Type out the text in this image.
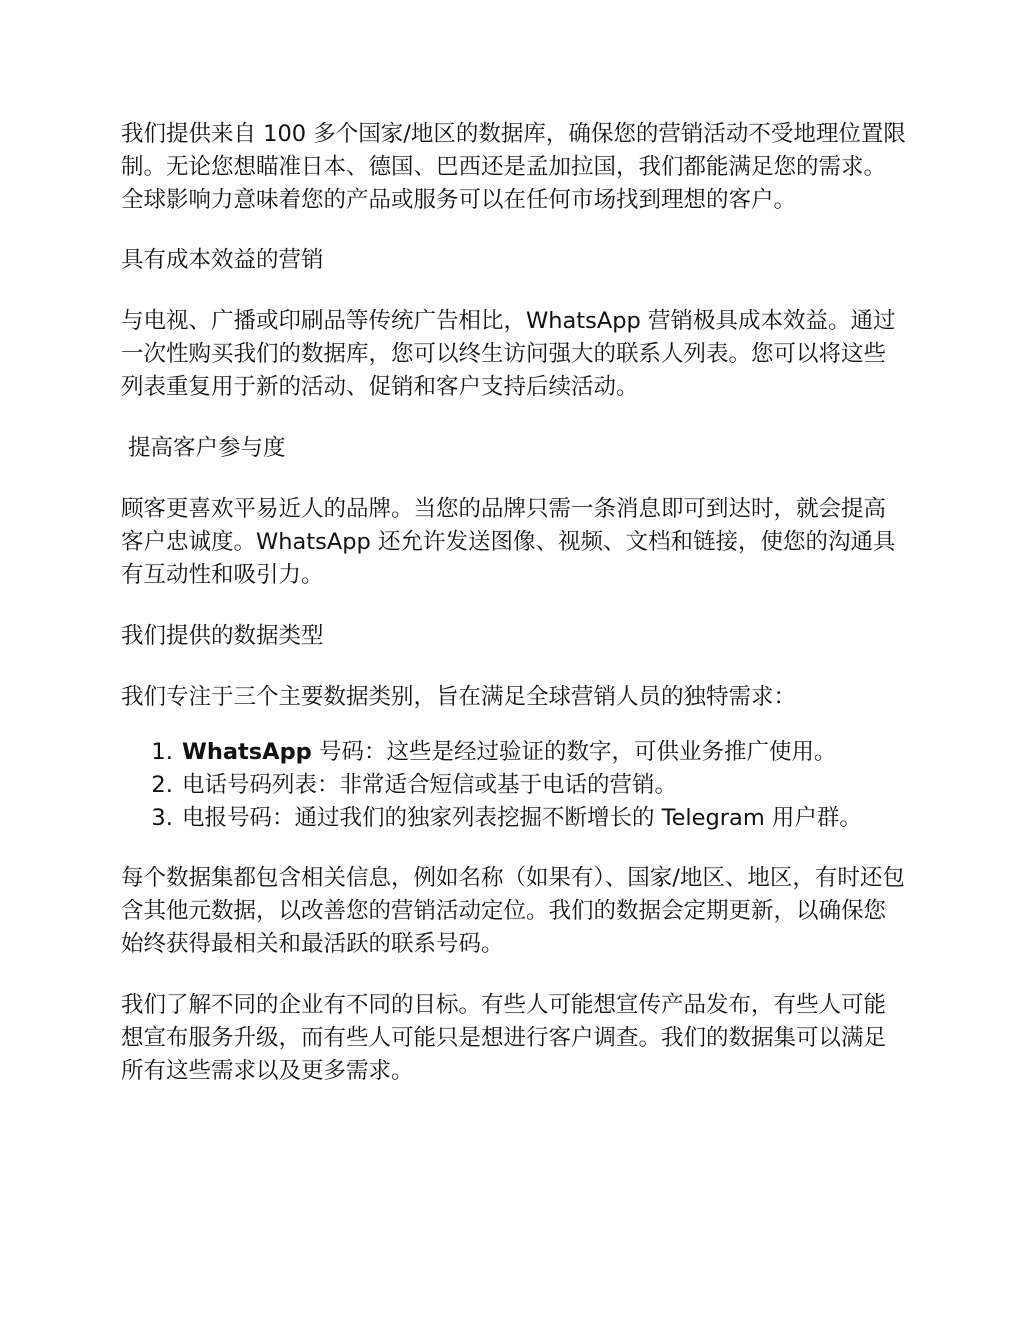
我们提供来自 100 多个国家/地区的数据库，确保您的营销活动不受地理位置限制。无论您想瞄准日本、德国、巴西还是孟加拉国，我们都能满足您的需求。全球影响力意味着您的产品或服务可以在任何市场找到理想的客户。

具有成本效益的营销

与电视、广播或印刷品等传统广告相比，WhatsApp 营销极具成本效益。通过一次性购买我们的数据库，您可以终生访问强大的联系人列表。您可以将这些列表重复用于新的活动、促销和客户支持后续活动。

提高客户参与度

顾客更喜欢平易近人的品牌。当您的品牌只需一条消息即可到达时，就会提高客户忠诚度。WhatsApp 还允许发送图像、视频、文档和链接，使您的沟通具有互动性和吸引力。

我们提供的数据类型

我们专注于三个主要数据类别，旨在满足全球营销人员的独特需求：

1. WhatsApp 号码：这些是经过验证的数字，可供业务推广使用。
2. 电话号码列表：非常适合短信或基于电话的营销。
3. 电报号码：通过我们的独家列表挖掘不断增长的 Telegram 用户群。

每个数据集都包含相关信息，例如名称（如果有）、国家/地区、地区，有时还包含其他元数据，以改善您的营销活动定位。我们的数据会定期更新，以确保您始终获得最相关和最活跃的联系号码。

我们了解不同的企业有不同的目标。有些人可能想宣传产品发布，有些人可能想宣布服务升级，而有些人可能只是想进行客户调查。我们的数据集可以满足所有这些需求以及更多需求。
